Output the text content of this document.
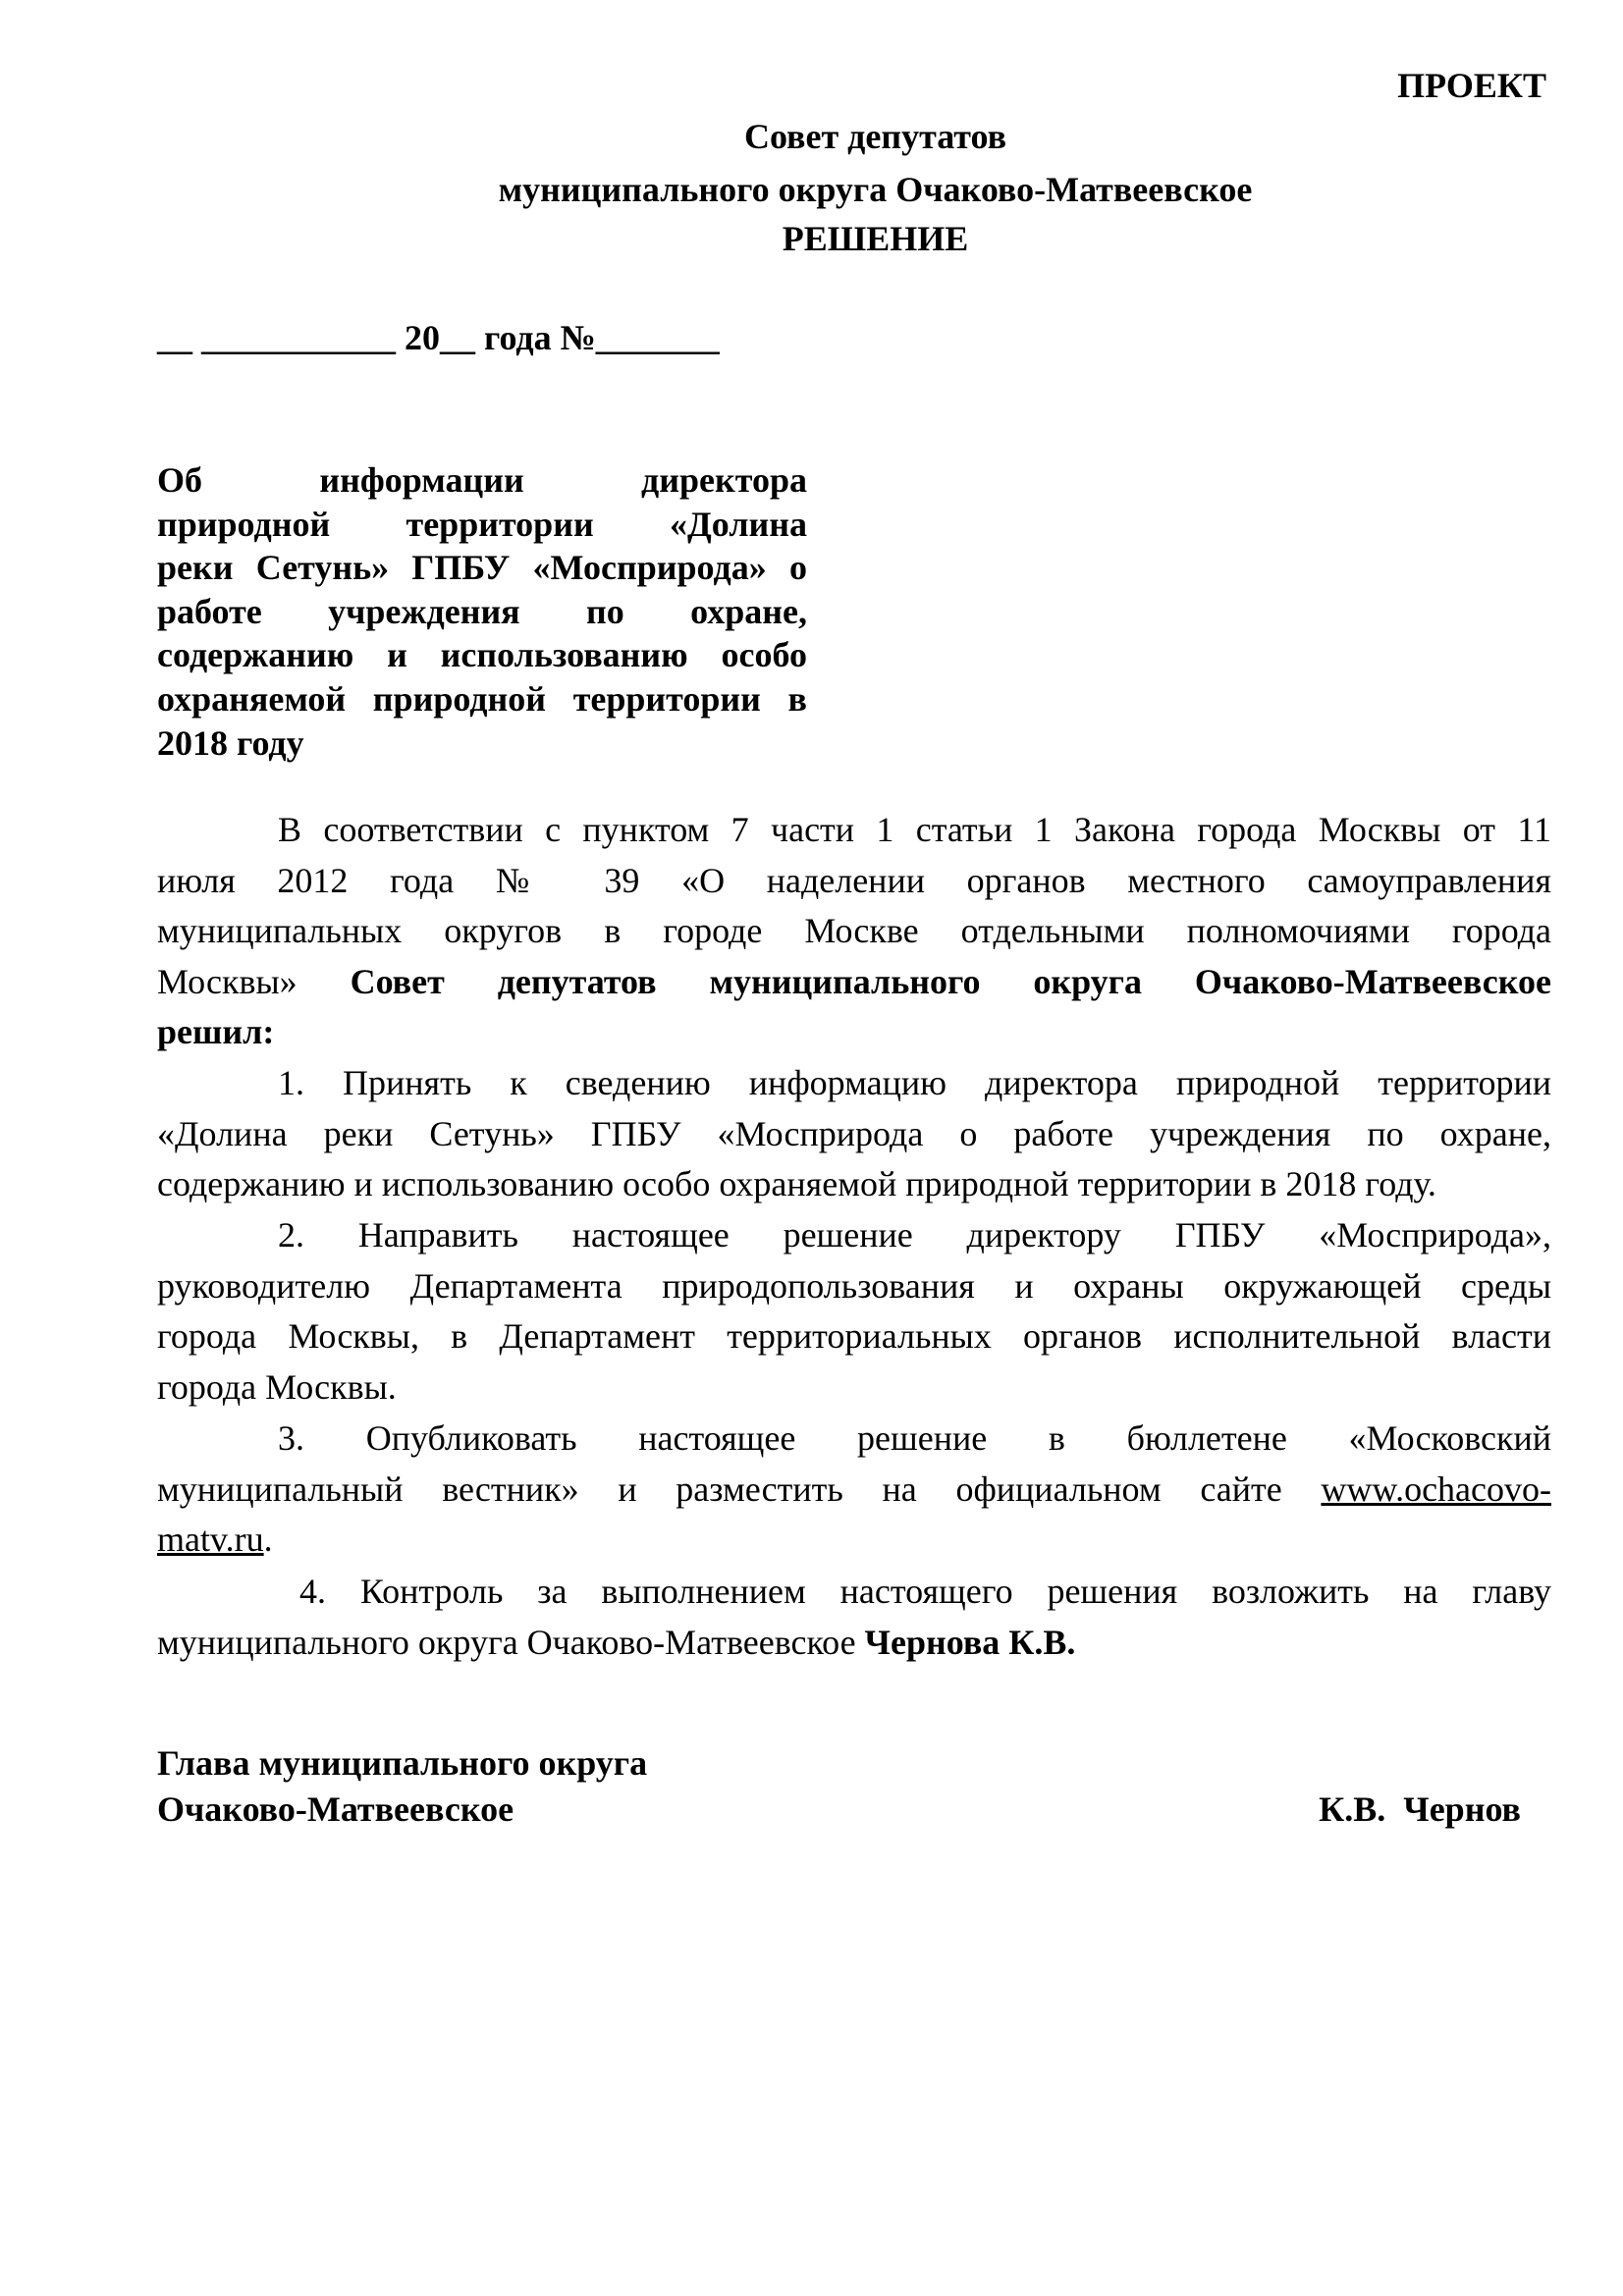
ПРОЕКТ
Совет депутатов
муниципального округа Очаково-Матвеевское
РЕШЕНИЕ
__ ___________ 20__ года №_______
Об информации директора
природной территории «Долина
реки Сетунь» ГПБУ «Мосприрода» о
работе учреждения по охране,
содержанию и использованию особо
охраняемой природной территории в
2018 году
В соответствии с пунктом 7 части 1 статьи 1 Закона города Москвы от 11
июля 2012 года № 39 «О наделении органов местного самоуправления
муниципальных округов в городе Москве отдельными полномочиями города
Москвы» Совет депутатов муниципального округа Очаково-Матвеевское
решил:
1. Принять к сведению информацию директора природной территории
«Долина реки Сетунь» ГПБУ «Мосприрода о работе учреждения по охране,
содержанию и использованию особо охраняемой природной территории в 2018 году.
2. Направить настоящее решение директору ГПБУ «Мосприрода»,
руководителю Департамента природопользования и охраны окружающей среды
города Москвы, в Департамент территориальных органов исполнительной власти
города Москвы.
3. Опубликовать настоящее решение в бюллетене «Московский
муниципальный вестник» и разместить на официальном сайте www.ochacovo-
matv.ru.
4. Контроль за выполнением настоящего решения возложить на главу
муниципального округа Очаково-Матвеевское Чернова К.В.
Глава муниципального округа
Очаково-Матвеевское	К.В.  Чернов
